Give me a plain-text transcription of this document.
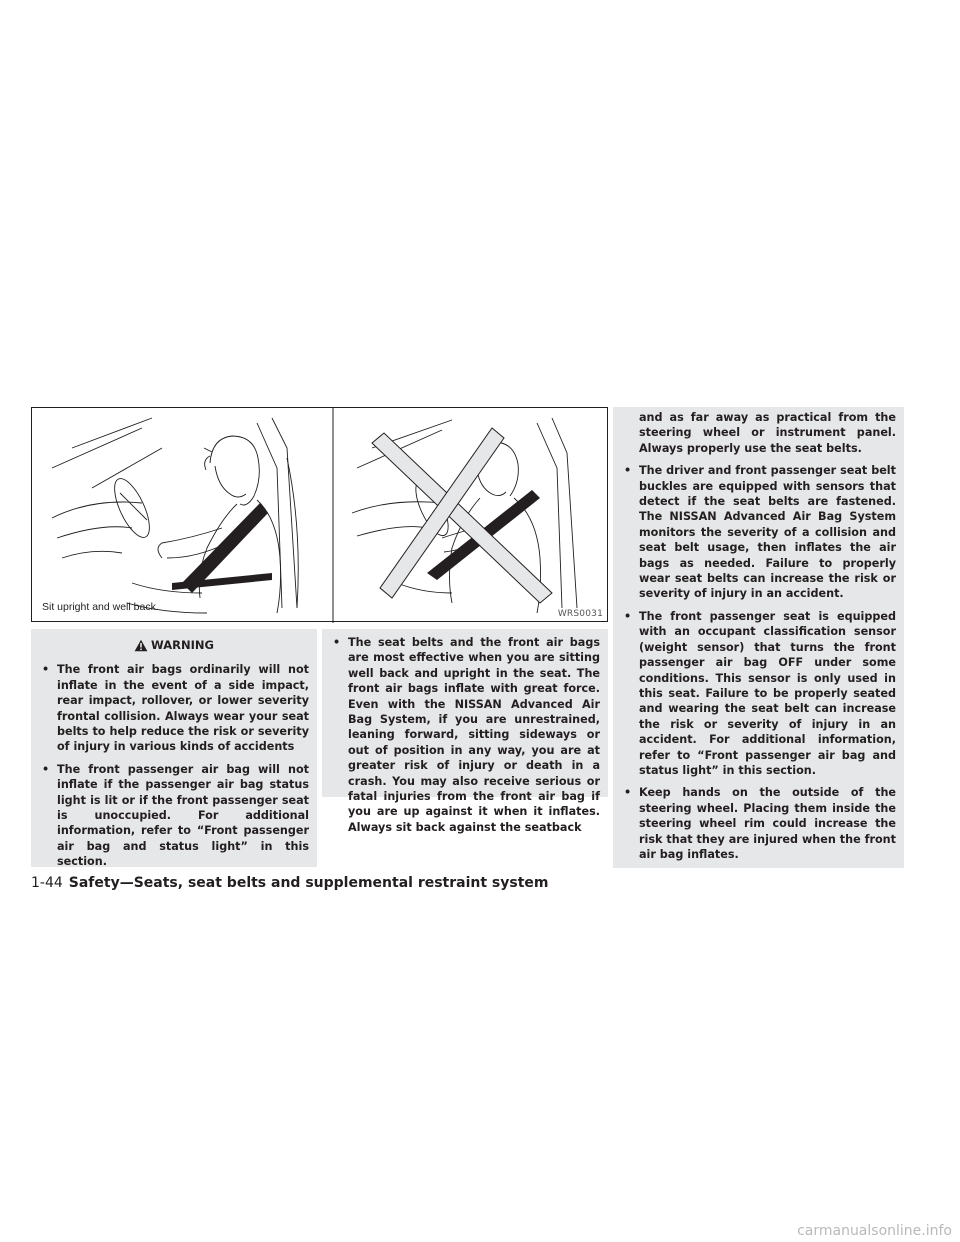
Sit upright and well back.
WRS0031
WARNING
• The front air bags ordinarily will not inflate in the event of a side impact, rear impact, rollover, or lower severity frontal collision. Always wear your seat belts to help reduce the risk or severity of injury in various kinds of accidents
• The front passenger air bag will not inflate if the passenger air bag status light is lit or if the front passenger seat is unoccupied. For additional information, refer to “Front passenger air bag and status light” in this section.
• The seat belts and the front air bags are most effective when you are sitting well back and upright in the seat. The front air bags inflate with great force. Even with the NISSAN Advanced Air Bag System, if you are unrestrained, leaning forward, sitting sideways or out of position in any way, you are at greater risk of injury or death in a crash. You may also receive serious or fatal injuries from the front air bag if you are up against it when it inflates. Always sit back against the seatback
and as far away as practical from the steering wheel or instrument panel. Always properly use the seat belts.
• The driver and front passenger seat belt buckles are equipped with sensors that detect if the seat belts are fastened. The NISSAN Advanced Air Bag System monitors the severity of a collision and seat belt usage, then inflates the air bags as needed. Failure to properly wear seat belts can increase the risk or severity of injury in an accident.
• The front passenger seat is equipped with an occupant classification sensor (weight sensor) that turns the front passenger air bag OFF under some conditions. This sensor is only used in this seat. Failure to be properly seated and wearing the seat belt can increase the risk or severity of injury in an accident. For additional information, refer to “Front passenger air bag and status light” in this section.
• Keep hands on the outside of the steering wheel. Placing them inside the steering wheel rim could increase the risk that they are injured when the front air bag inflates.
1-44 Safety—Seats, seat belts and supplemental restraint system
carmanualsonline.info
